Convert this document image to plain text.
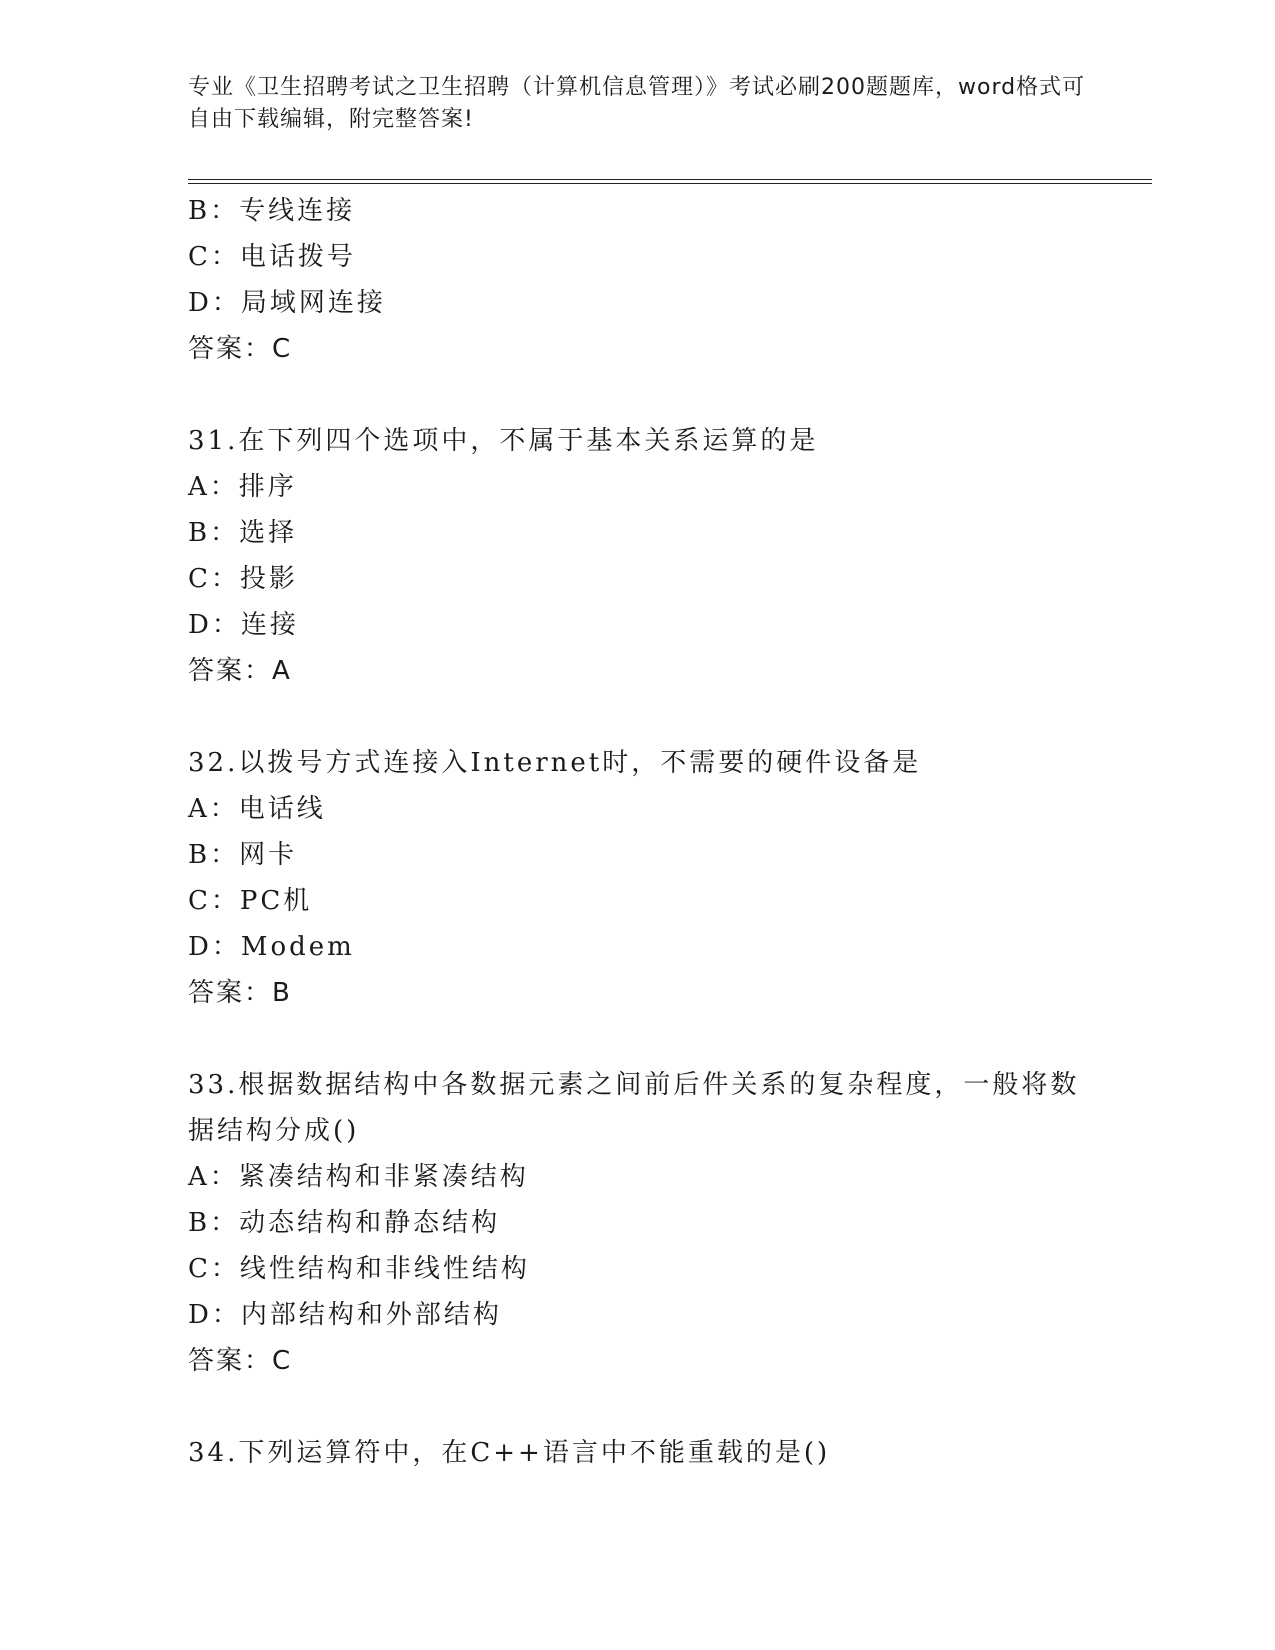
专业《卫生招聘考试之卫生招聘（计算机信息管理）》考试必刷200题题库，word格式可自由下载编辑，附完整答案!
B：专线连接
C：电话拨号
D：局域网连接
答案：C
31.在下列四个选项中，不属于基本关系运算的是
A：排序
B：选择
C：投影
D：连接
答案：A
32.以拨号方式连接入Internet时，不需要的硬件设备是
A：电话线
B：网卡
C：PC机
D：Modem
答案：B
33.根据数据结构中各数据元素之间前后件关系的复杂程度，一般将数
据结构分成()
A：紧凑结构和非紧凑结构
B：动态结构和静态结构
C：线性结构和非线性结构
D：内部结构和外部结构
答案：C
34.下列运算符中，在C++语言中不能重载的是()
